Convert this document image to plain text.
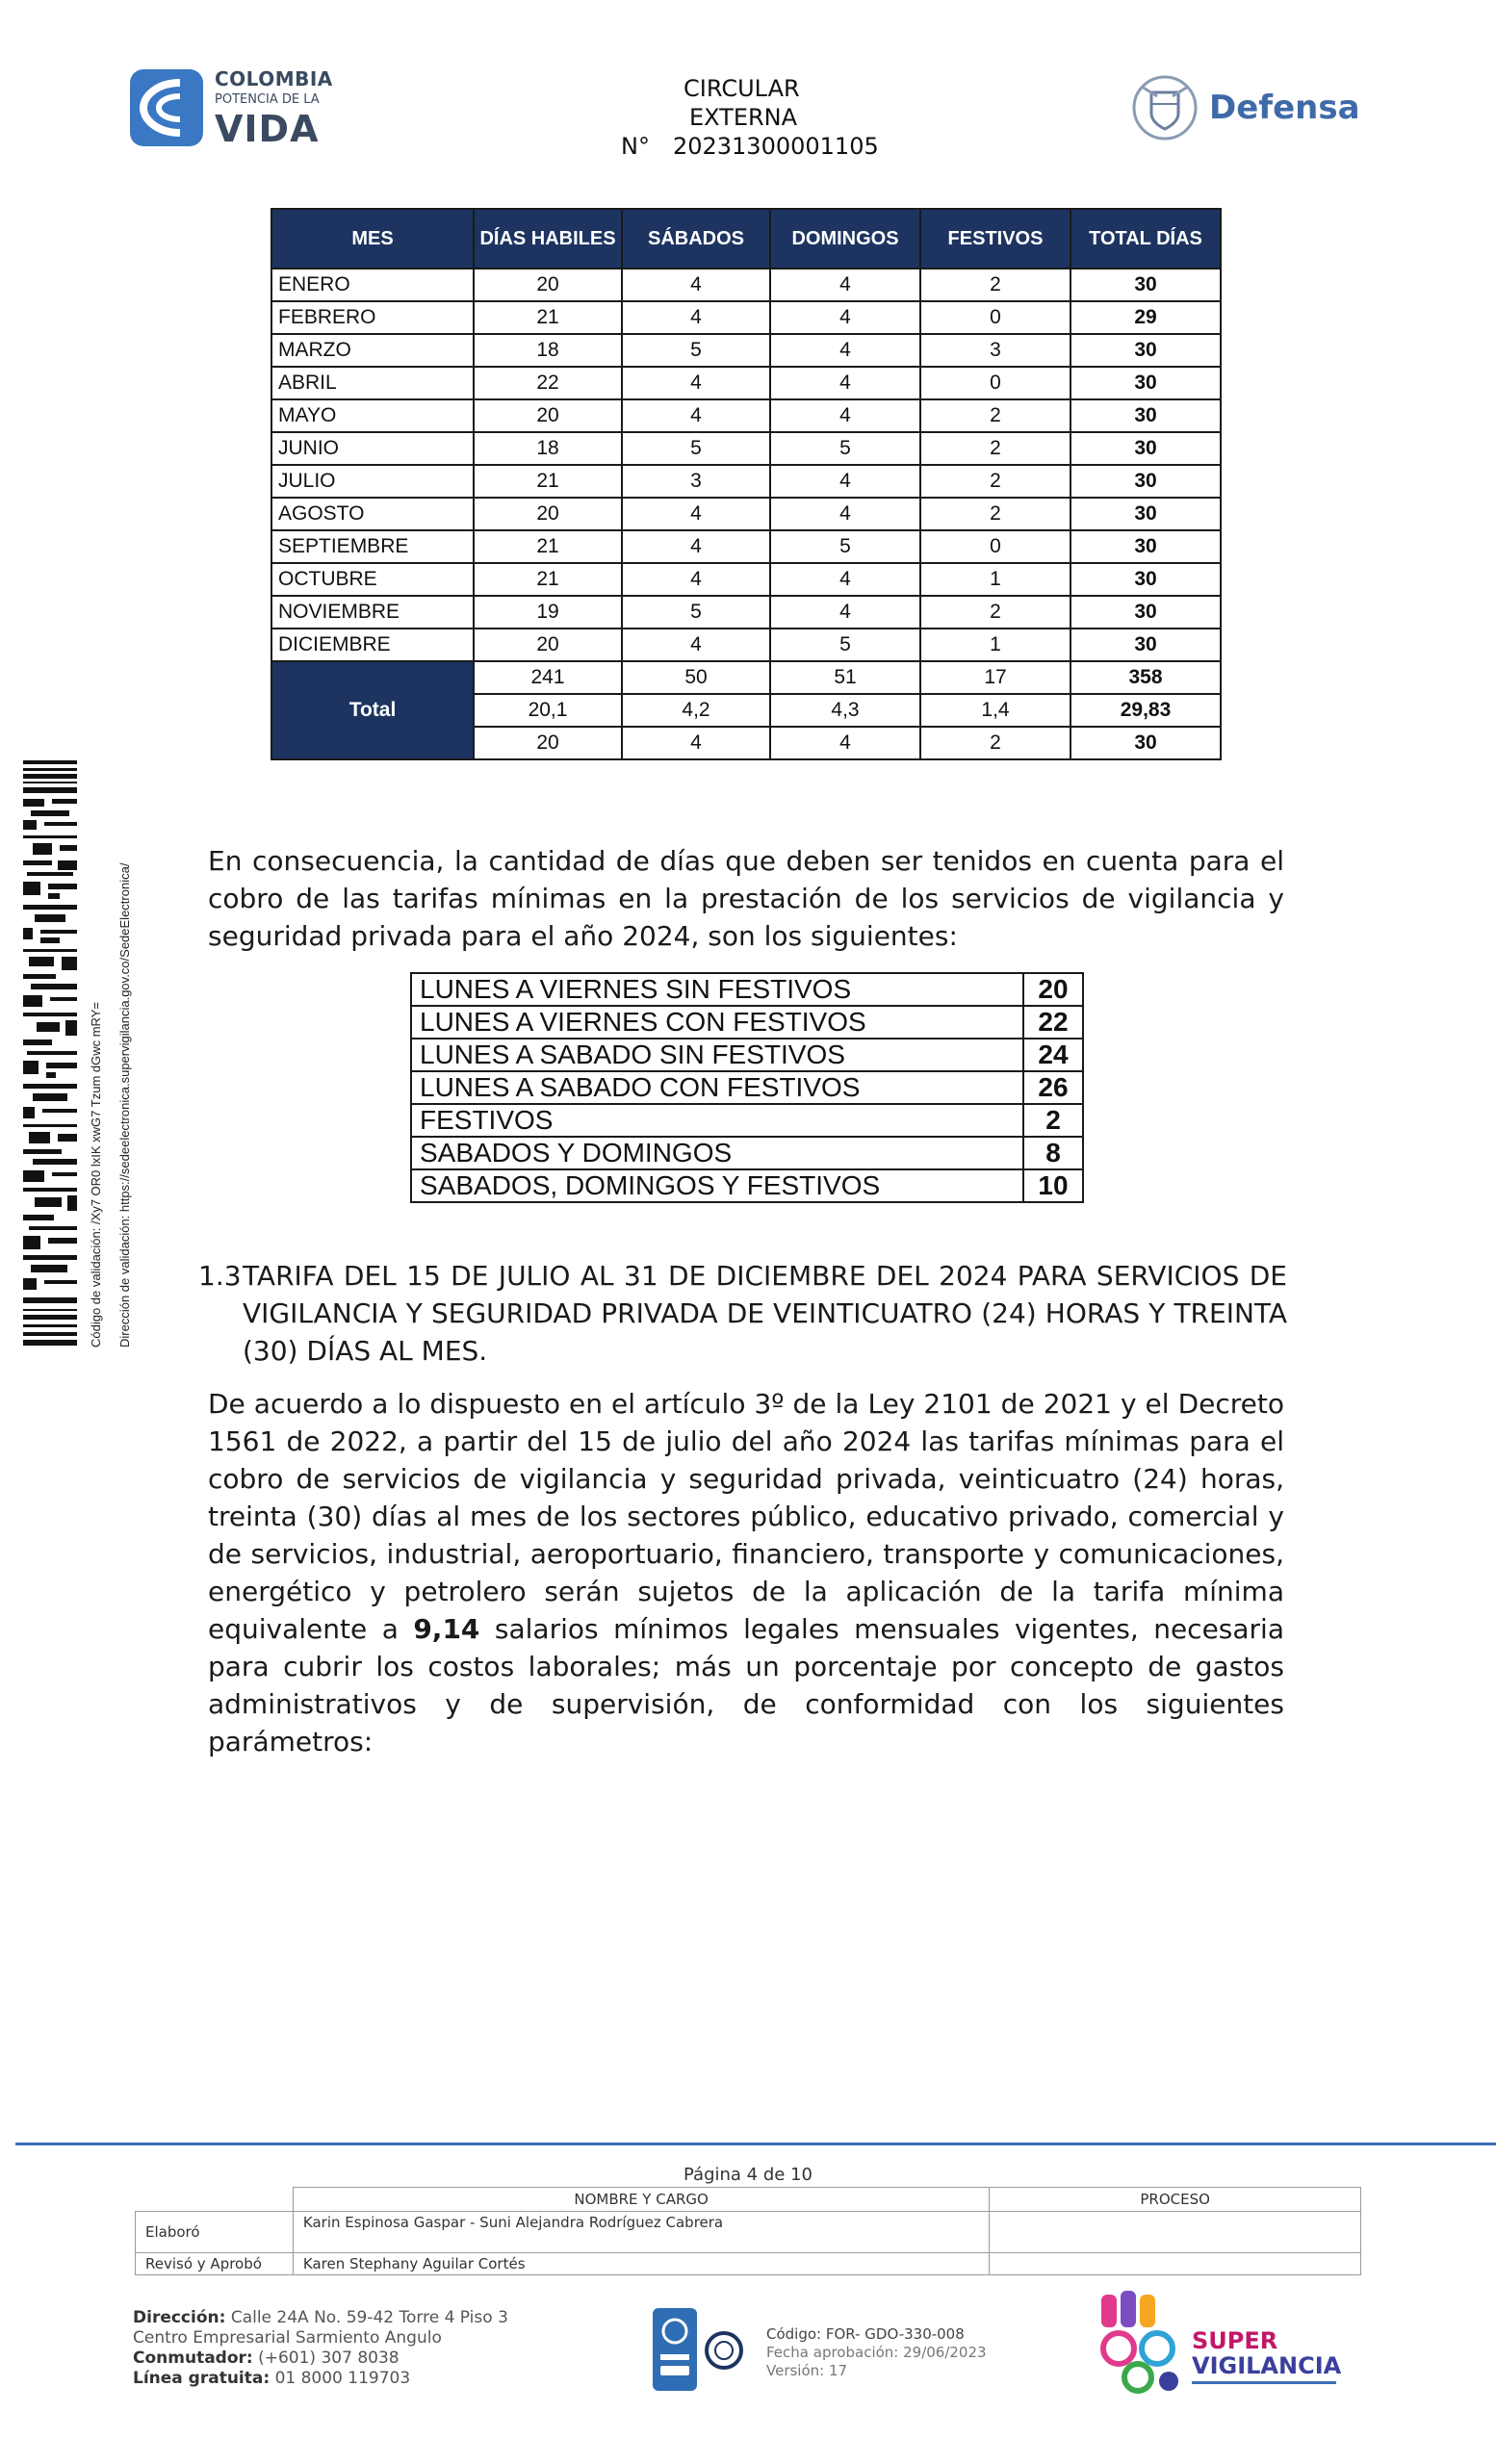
COLOMBIA
POTENCIA DE LA
VIDA
CIRCULAR
EXTERNA
N° 20231300001105
Defensa
Código de validación: /Xy7 OR0 lxIK xwG7 Tzum dGwc mRY= Dirección de validación: https://sedeelectronica.supervigilancia.gov.co/SedeElectronica/
MES	DÍAS HABILES	SÁBADOS	DOMINGOS	FESTIVOS	TOTAL DÍAS
ENERO	20	4	4	2	30
FEBRERO	21	4	4	0	29
MARZO	18	5	4	3	30
ABRIL	22	4	4	0	30
MAYO	20	4	4	2	30
JUNIO	18	5	5	2	30
JULIO	21	3	4	2	30
AGOSTO	20	4	4	2	30
SEPTIEMBRE	21	4	5	0	30
OCTUBRE	21	4	4	1	30
NOVIEMBRE	19	5	4	2	30
DICIEMBRE	20	4	5	1	30
Total	241	50	51	17	358
	20,1	4,2	4,3	1,4	29,83
	20	4	4	2	30
En consecuencia, la cantidad de días que deben ser tenidos en cuenta para el cobro de las tarifas mínimas en la prestación de los servicios de vigilancia y seguridad privada para el año 2024, son los siguientes:
LUNES A VIERNES SIN FESTIVOS	20
LUNES A VIERNES CON FESTIVOS	22
LUNES A SABADO SIN FESTIVOS	24
LUNES A SABADO CON FESTIVOS	26
FESTIVOS	2
SABADOS Y DOMINGOS	8
SABADOS, DOMINGOS Y FESTIVOS	10
1.3 TARIFA DEL 15 DE JULIO AL 31 DE DICIEMBRE DEL 2024 PARA SERVICIOS DE VIGILANCIA Y SEGURIDAD PRIVADA DE VEINTICUATRO (24) HORAS Y TREINTA (30) DÍAS AL MES.
De acuerdo a lo dispuesto en el artículo 3º de la Ley 2101 de 2021 y el Decreto 1561 de 2022, a partir del 15 de julio del año 2024 las tarifas mínimas para el cobro de servicios de vigilancia y seguridad privada, veinticuatro (24) horas, treinta (30) días al mes de los sectores público, educativo privado, comercial y de servicios, industrial, aeroportuario, financiero, transporte y comunicaciones, energético y petrolero serán sujetos de la aplicación de la tarifa mínima equivalente a 9,14 salarios mínimos legales mensuales vigentes, necesaria para cubrir los costos laborales; más un porcentaje por concepto de gastos administrativos y de supervisión, de conformidad con los siguientes parámetros:
Página 4 de 10
	NOMBRE Y CARGO	PROCESO
Elaboró	Karin Espinosa Gaspar - Suni Alejandra Rodríguez Cabrera	
Revisó y Aprobó	Karen Stephany Aguilar Cortés	
Dirección: Calle 24A No. 59-42 Torre 4 Piso 3
Centro Empresarial Sarmiento Angulo
Conmutador: (+601) 307 8038
Línea gratuita: 01 8000 119703
Código: FOR- GDO-330-008
Fecha aprobación: 29/06/2023
Versión: 17
SUPER
VIGILANCIA
